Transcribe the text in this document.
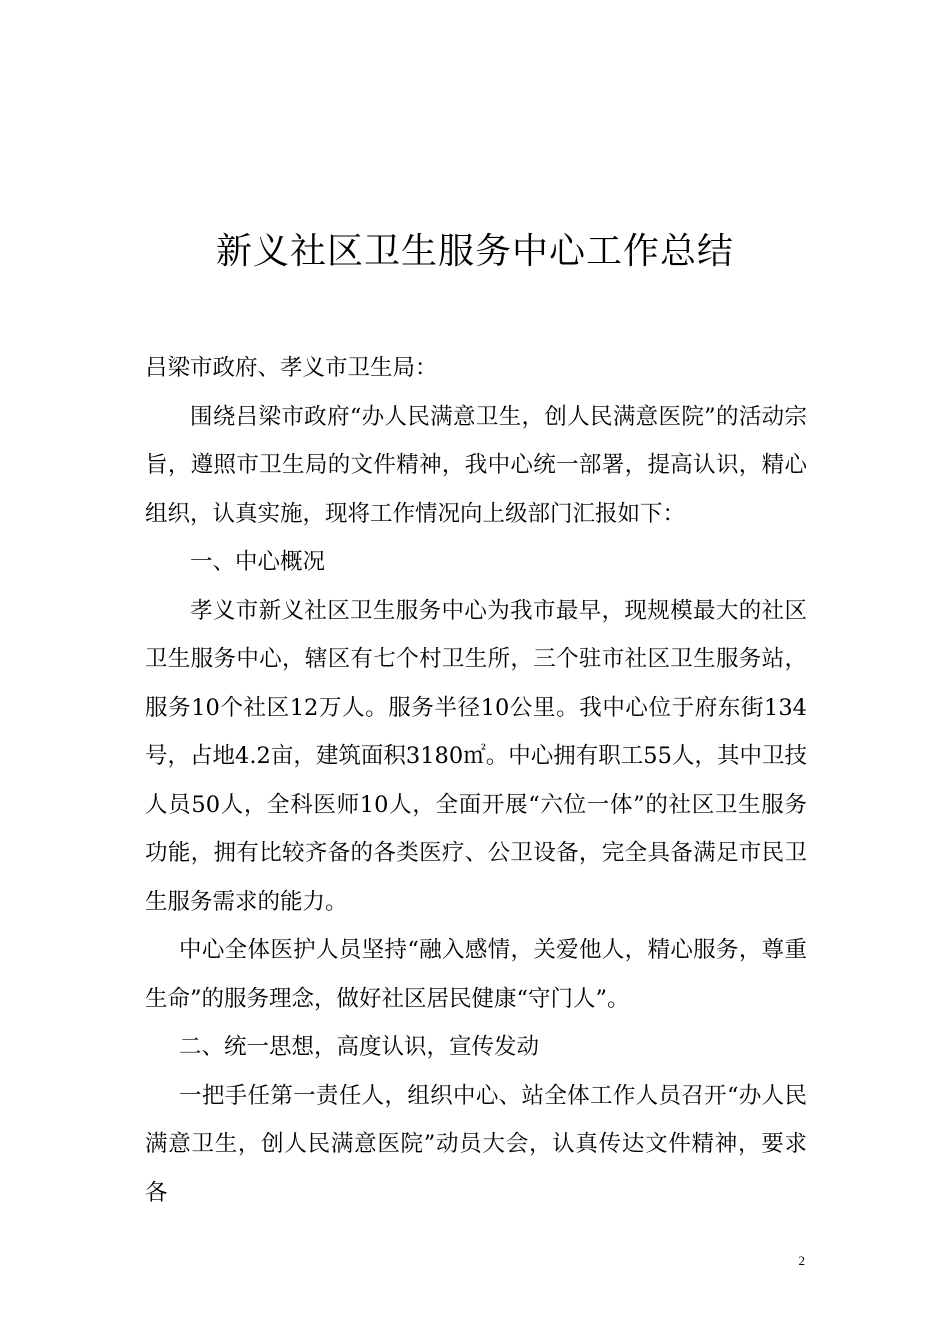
新义社区卫生服务中心工作总结

吕梁市政府、孝义市卫生局：

围绕吕梁市政府“办人民满意卫生，创人民满意医院”的活动宗旨，遵照市卫生局的文件精神，我中心统一部署，提高认识，精心组织，认真实施，现将工作情况向上级部门汇报如下：

一、中心概况

孝义市新义社区卫生服务中心为我市最早，现规模最大的社区卫生服务中心，辖区有七个村卫生所，三个驻市社区卫生服务站，服务10个社区12万人。服务半径10公里。我中心位于府东街134号，占地4.2亩，建筑面积3180㎡。中心拥有职工55人，其中卫技人员50人，全科医师10人，全面开展“六位一体”的社区卫生服务功能，拥有比较齐备的各类医疗、公卫设备，完全具备满足市民卫生服务需求的能力。

中心全体医护人员坚持“融入感情，关爱他人，精心服务，尊重生命”的服务理念，做好社区居民健康“守门人”。

二、统一思想，高度认识，宣传发动

一把手任第一责任人，组织中心、站全体工作人员召开“办人民满意卫生，创人民满意医院”动员大会，认真传达文件精神，要求各

2
